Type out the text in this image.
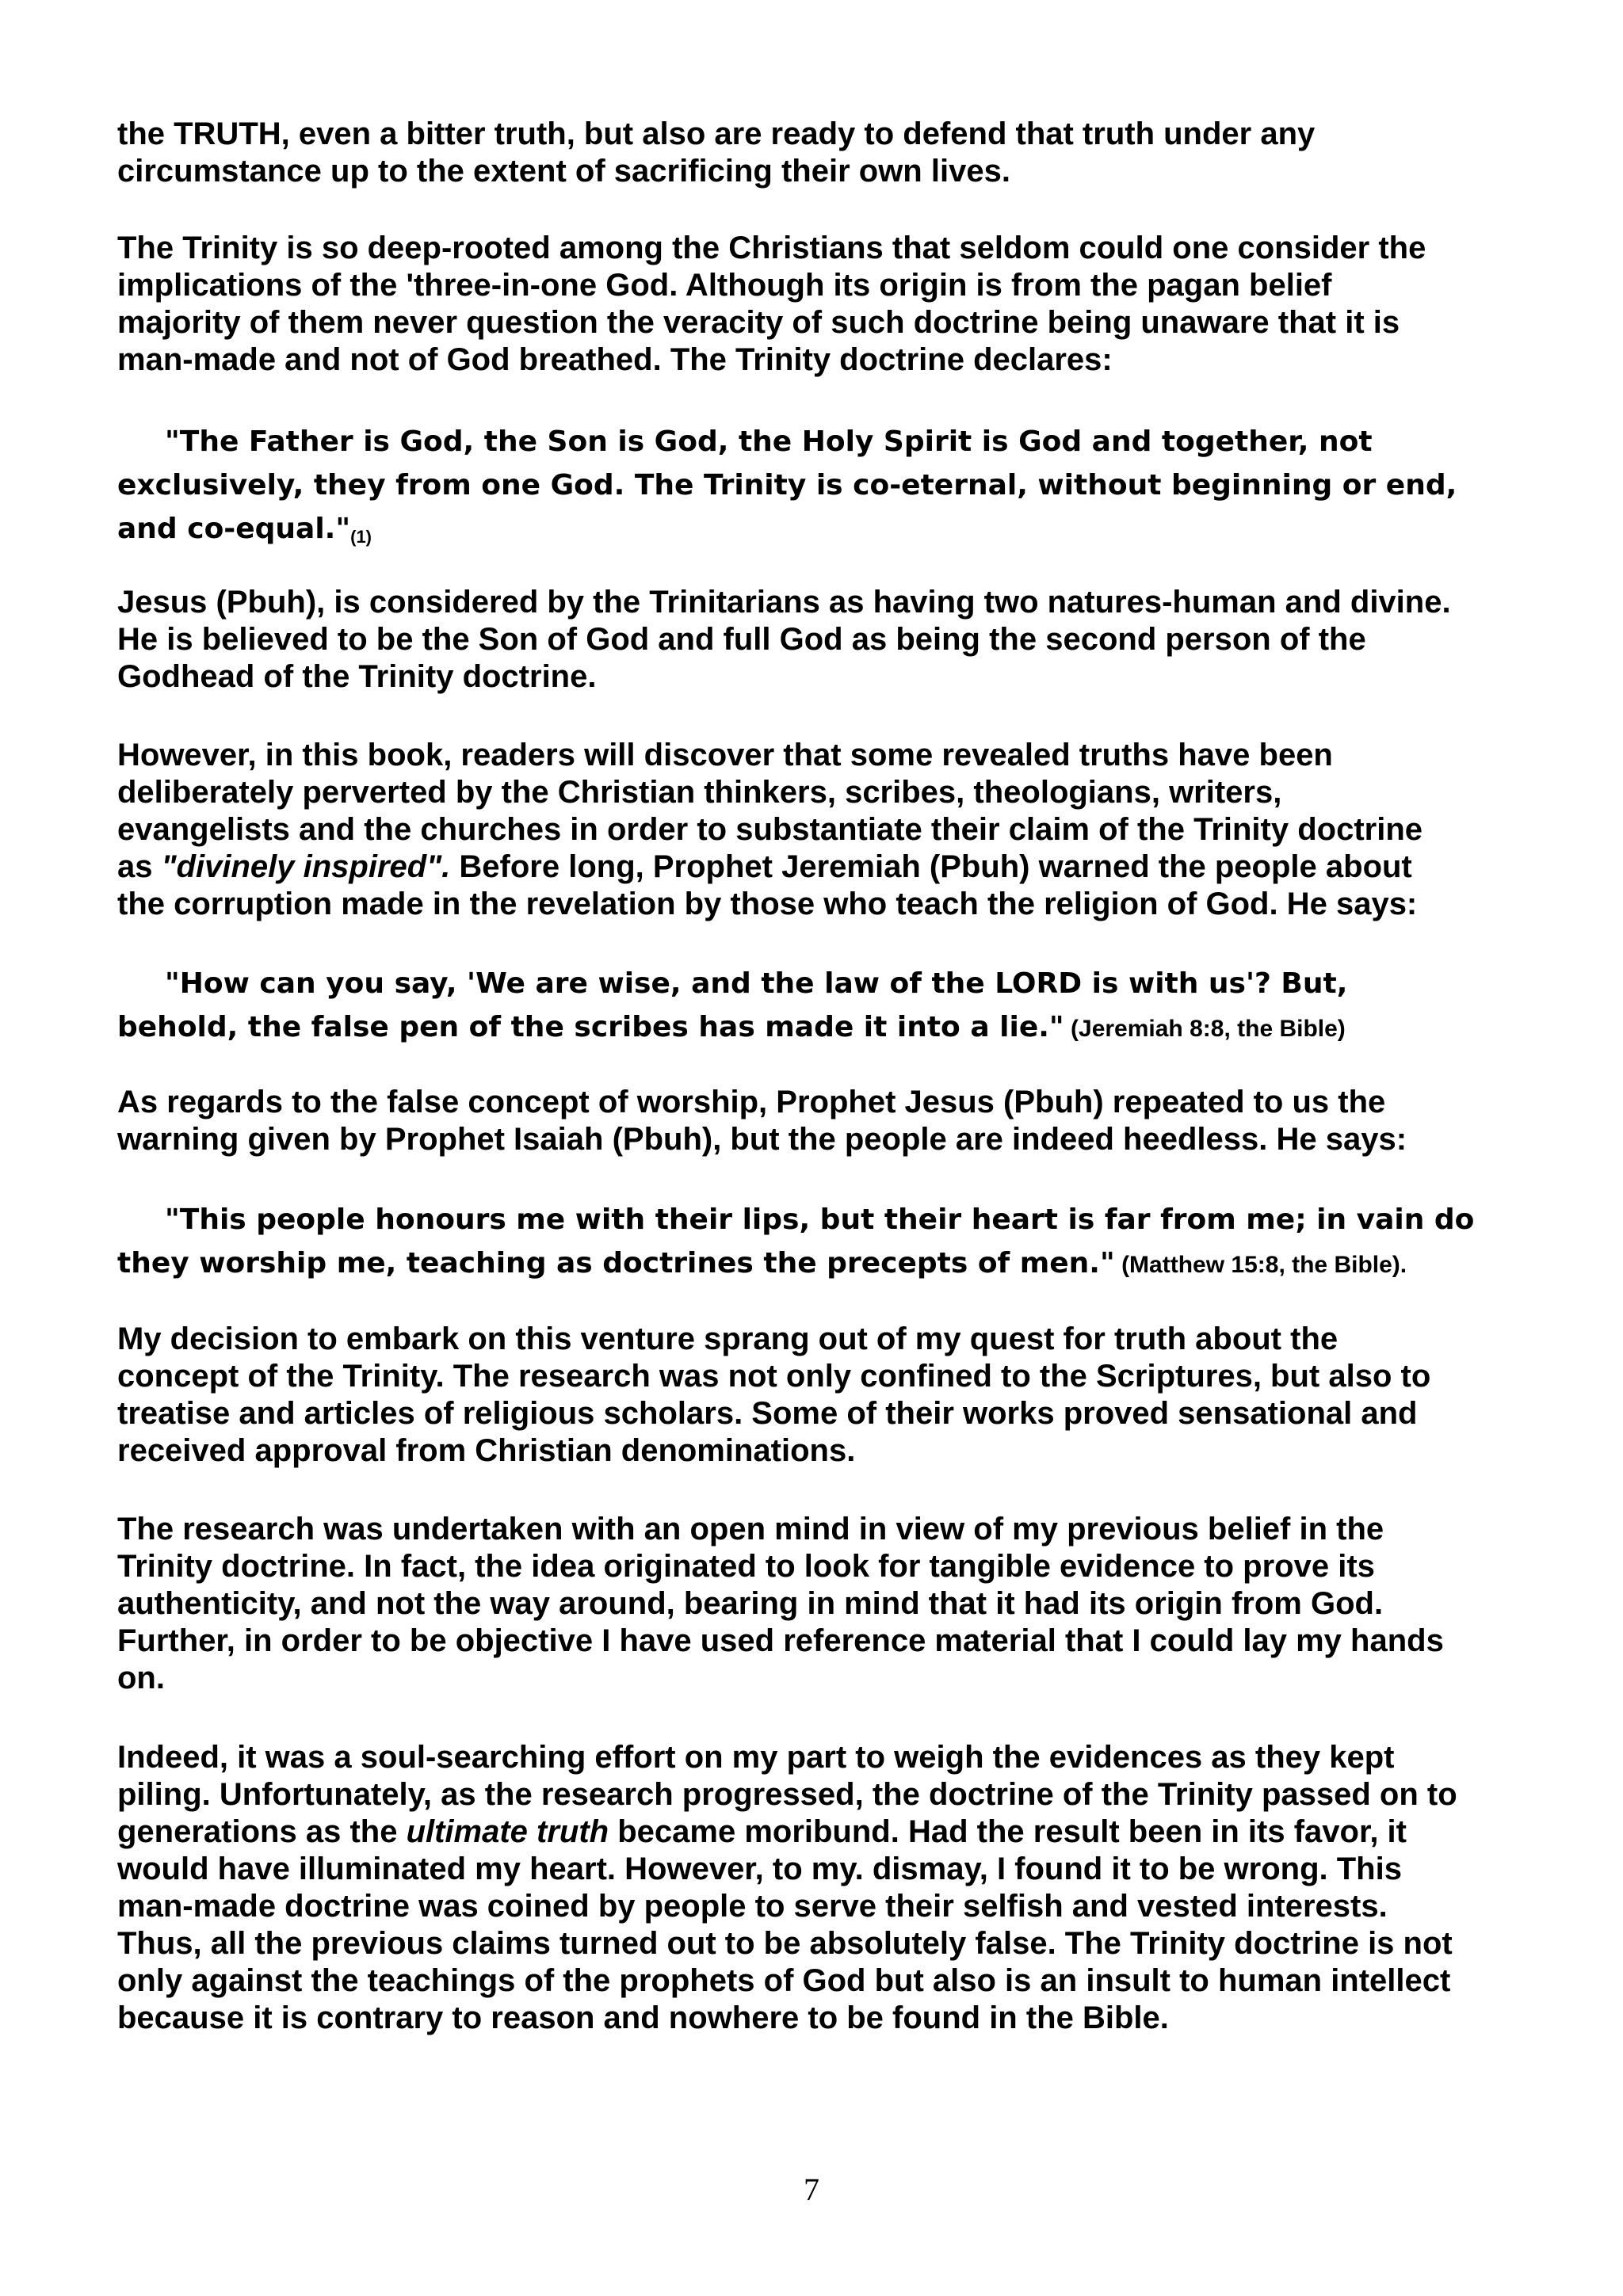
the TRUTH, even a bitter truth, but also are ready to defend that truth under any
circumstance up to the extent of sacrificing their own lives.

The Trinity is so deep-rooted among the Christians that seldom could one consider the
implications of the 'three-in-one God. Although its origin is from the pagan belief
majority of them never question the veracity of such doctrine being unaware that it is
man-made and not of God breathed. The Trinity doctrine declares:

"The Father is God, the Son is God, the Holy Spirit is God and together, not
exclusively, they from one God. The Trinity is co-eternal, without beginning or end,
and $co-equal."_{(1)}$

Jesus (Pbuh), is considered by the Trinitarians as having two natures-human and divine.
He is believed to be the Son of God and full God as being the second person of the
Godhead of the Trinity doctrine.

However, in this book, readers will discover that some revealed truths have been
deliberately perverted by the Christian thinkers, scribes, theologians, writers,
evangelists and the churches in order to substantiate their claim of the Trinity doctrine
as "divinely inspired". Before long, Prophet Jeremiah (Pbuh) warned the people about
the corruption made in the revelation by those who teach the religion of God. He says:

"How can you say, 'We are wise, and the law of the LORD is with us'? But,
behold, the false pen of the scribes has made it into a lie." (Jeremiah 8:8, the Bible)

As regards to the false concept of worship, Prophet Jesus (Pbuh) repeated to us the
warning given by Prophet Isaiah (Pbuh), but the people are indeed heedless. He says:

"This people honours me with their lips, but their heart is far from me; in vain do
they worship me, teaching as doctrines the precepts of men." (Matthew 15:8, the Bible).

My decision to embark on this venture sprang out of my quest for truth about the
concept of the Trinity. The research was not only confined to the Scriptures, but also to
treatise and articles of religious scholars. Some of their works proved sensational and
received approval from Christian denominations.

The research was undertaken with an open mind in view of my previous belief in the
Trinity doctrine. In fact, the idea originated to look for tangible evidence to prove its
authenticity, and not the way around, bearing in mind that it had its origin from God.
Further, in order to be objective I have used reference material that I could lay my hands
on.

Indeed, it was a soul-searching effort on my part to weigh the evidences as they kept
piling. Unfortunately, as the research progressed, the doctrine of the Trinity passed on to
generations as the ultimate truth became moribund. Had the result been in its favor, it
would have illuminated my heart. However, to my. dismay, I found it to be wrong. This
man-made doctrine was coined by people to serve their selfish and vested interests.
Thus, all the previous claims turned out to be absolutely false. The Trinity doctrine is not
only against the teachings of the prophets of God but also is an insult to human intellect
because it is contrary to reason and nowhere to be found in the Bible.

7
